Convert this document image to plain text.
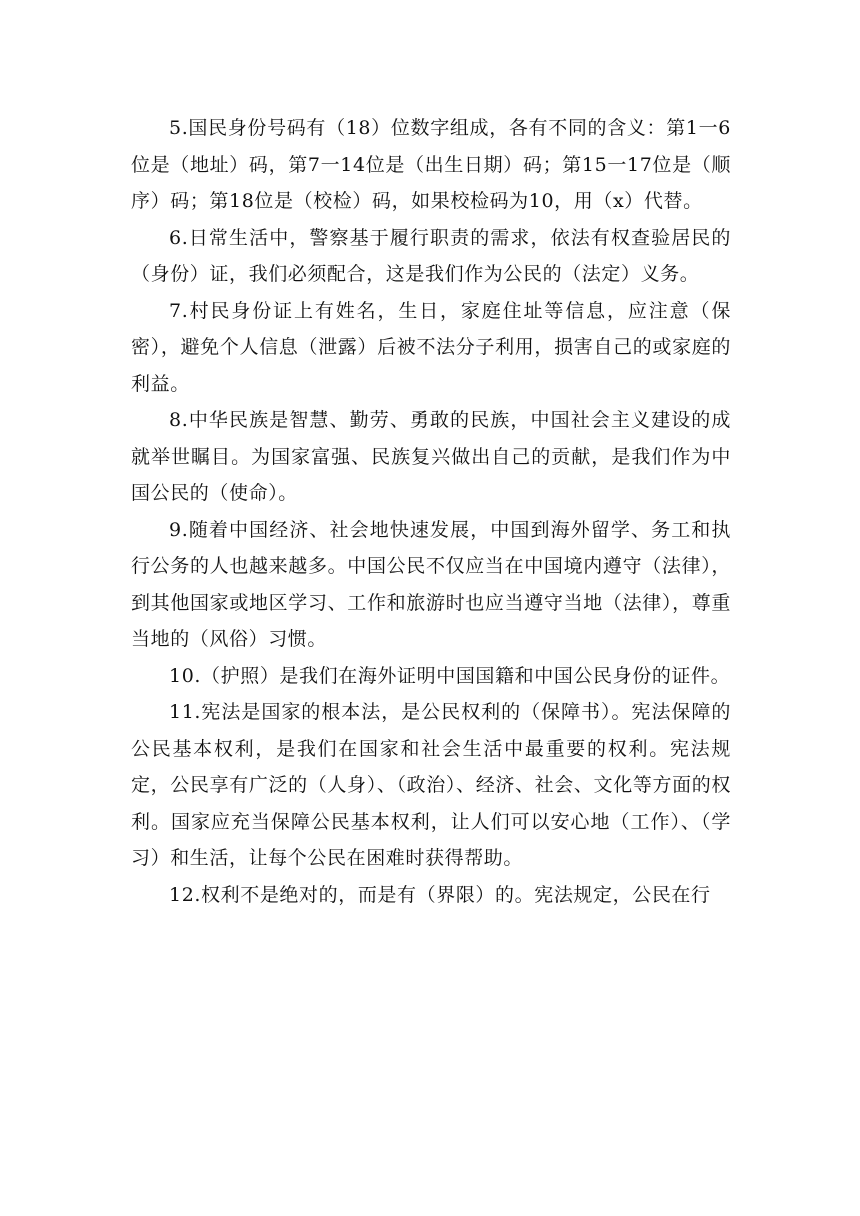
5.国民身份号码有（18）位数字组成，各有不同的含义：第1一6位是（地址）码，第7一14位是（出生日期）码；第15一17位是（顺序）码；第18位是（校检）码，如果校检码为10，用（x）代替。

6.日常生活中，警察基于履行职责的需求，依法有权查验居民的（身份）证，我们必须配合，这是我们作为公民的（法定）义务。

7.村民身份证上有姓名，生日，家庭住址等信息，应注意（保密），避免个人信息（泄露）后被不法分子利用，损害自己的或家庭的利益。

8.中华民族是智慧、勤劳、勇敢的民族，中国社会主义建设的成就举世瞩目。为国家富强、民族复兴做出自己的贡献，是我们作为中国公民的（使命）。

9.随着中国经济、社会地快速发展，中国到海外留学、务工和执行公务的人也越来越多。中国公民不仅应当在中国境内遵守（法律），到其他国家或地区学习、工作和旅游时也应当遵守当地（法律），尊重当地的（风俗）习惯。

10.（护照）是我们在海外证明中国国籍和中国公民身份的证件。

11.宪法是国家的根本法，是公民权利的（保障书）。宪法保障的公民基本权利，是我们在国家和社会生活中最重要的权利。宪法规定，公民享有广泛的（人身）、（政治）、经济、社会、文化等方面的权利。国家应充当保障公民基本权利，让人们可以安心地（工作）、（学习）和生活，让每个公民在困难时获得帮助。

12.权利不是绝对的，而是有（界限）的。宪法规定，公民在行
